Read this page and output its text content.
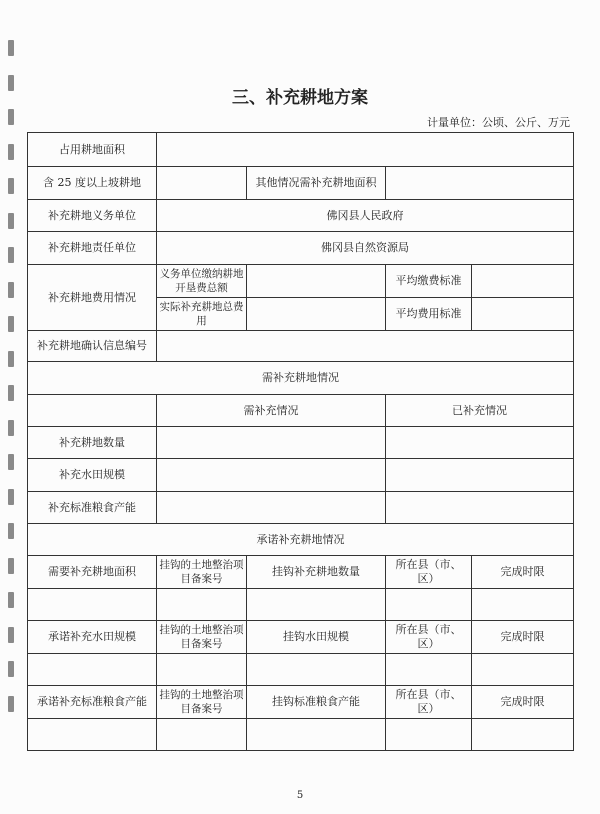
三、补充耕地方案
计量单位：公顷、公斤、万元
占用耕地面积				
含 25 度以上坡耕地		其他情况需补充耕地面积		
补充耕地义务单位	佛冈县人民政府			
补充耕地责任单位	佛冈县自然资源局			
补充耕地费用情况	义务单位缴纳耕地开垦费总额		平均缴费标准	
	实际补充耕地总费用		平均费用标准	
补充耕地确认信息编号				
需补充耕地情况				
	需补充情况		已补充情况	
补充耕地数量				
补充水田规模				
补充标准粮食产能				
承诺补充耕地情况				
需要补充耕地面积	挂钩的土地整治项目备案号	挂钩补充耕地数量	所在县（市、区）	完成时限

承诺补充水田规模	挂钩的土地整治项目备案号	挂钩水田规模	所在县（市、区）	完成时限

承诺补充标准粮食产能	挂钩的土地整治项目备案号	挂钩标准粮食产能	所在县（市、区）	完成时限

5
